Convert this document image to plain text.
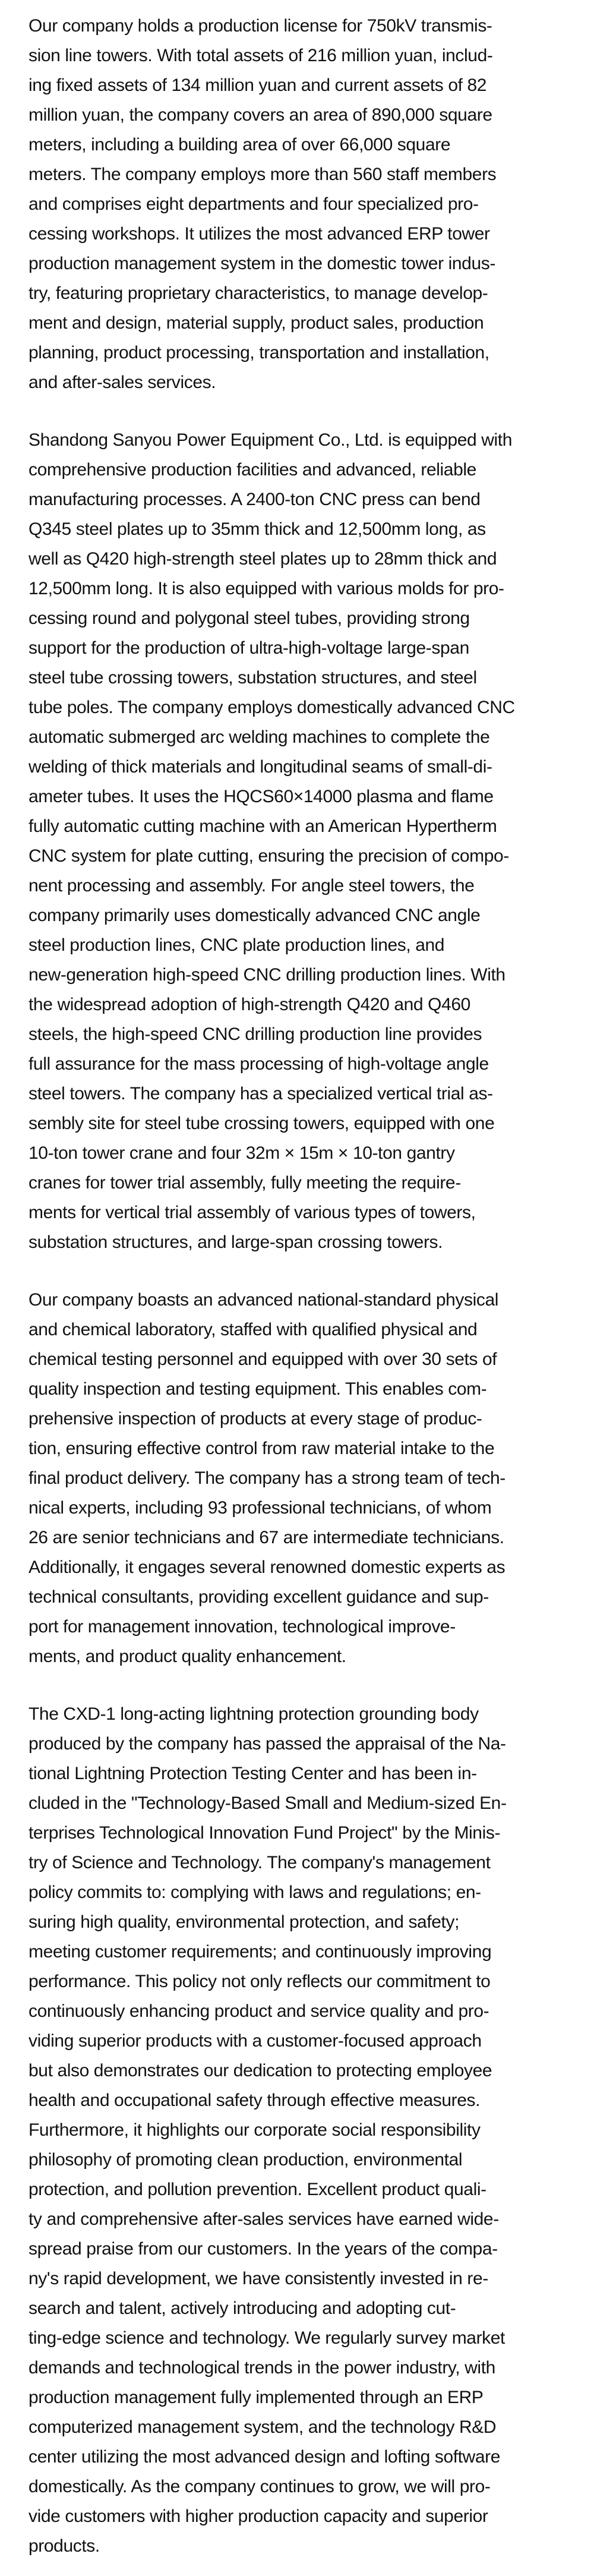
Our company holds a production license for 750kV transmis-
sion line towers. With total assets of 216 million yuan, includ-
ing fixed assets of 134 million yuan and current assets of 82
million yuan, the company covers an area of 890,000 square
meters, including a building area of over 66,000 square
meters. The company employs more than 560 staff members
and comprises eight departments and four specialized pro-
cessing workshops. It utilizes the most advanced ERP tower
production management system in the domestic tower indus-
try, featuring proprietary characteristics, to manage develop-
ment and design, material supply, product sales, production
planning, product processing, transportation and installation,
and after-sales services.

Shandong Sanyou Power Equipment Co., Ltd. is equipped with
comprehensive production facilities and advanced, reliable
manufacturing processes. A 2400-ton CNC press can bend
Q345 steel plates up to 35mm thick and 12,500mm long, as
well as Q420 high-strength steel plates up to 28mm thick and
12,500mm long. It is also equipped with various molds for pro-
cessing round and polygonal steel tubes, providing strong
support for the production of ultra-high-voltage large-span
steel tube crossing towers, substation structures, and steel
tube poles. The company employs domestically advanced CNC
automatic submerged arc welding machines to complete the
welding of thick materials and longitudinal seams of small-di-
ameter tubes. It uses the HQCS60×14000 plasma and flame
fully automatic cutting machine with an American Hypertherm
CNC system for plate cutting, ensuring the precision of compo-
nent processing and assembly. For angle steel towers, the
company primarily uses domestically advanced CNC angle
steel production lines, CNC plate production lines, and
new-generation high-speed CNC drilling production lines. With
the widespread adoption of high-strength Q420 and Q460
steels, the high-speed CNC drilling production line provides
full assurance for the mass processing of high-voltage angle
steel towers. The company has a specialized vertical trial as-
sembly site for steel tube crossing towers, equipped with one
10-ton tower crane and four 32m × 15m × 10-ton gantry
cranes for tower trial assembly, fully meeting the require-
ments for vertical trial assembly of various types of towers,
substation structures, and large-span crossing towers.

Our company boasts an advanced national-standard physical
and chemical laboratory, staffed with qualified physical and
chemical testing personnel and equipped with over 30 sets of
quality inspection and testing equipment. This enables com-
prehensive inspection of products at every stage of produc-
tion, ensuring effective control from raw material intake to the
final product delivery. The company has a strong team of tech-
nical experts, including 93 professional technicians, of whom
26 are senior technicians and 67 are intermediate technicians.
Additionally, it engages several renowned domestic experts as
technical consultants, providing excellent guidance and sup-
port for management innovation, technological improve-
ments, and product quality enhancement.

The CXD-1 long-acting lightning protection grounding body
produced by the company has passed the appraisal of the Na-
tional Lightning Protection Testing Center and has been in-
cluded in the "Technology-Based Small and Medium-sized En-
terprises Technological Innovation Fund Project" by the Minis-
try of Science and Technology. The company's management
policy commits to: complying with laws and regulations; en-
suring high quality, environmental protection, and safety;
meeting customer requirements; and continuously improving
performance. This policy not only reflects our commitment to
continuously enhancing product and service quality and pro-
viding superior products with a customer-focused approach
but also demonstrates our dedication to protecting employee
health and occupational safety through effective measures.
Furthermore, it highlights our corporate social responsibility
philosophy of promoting clean production, environmental
protection, and pollution prevention. Excellent product quali-
ty and comprehensive after-sales services have earned wide-
spread praise from our customers. In the years of the compa-
ny's rapid development, we have consistently invested in re-
search and talent, actively introducing and adopting cut-
ting-edge science and technology. We regularly survey market
demands and technological trends in the power industry, with
production management fully implemented through an ERP
computerized management system, and the technology R&D
center utilizing the most advanced design and lofting software
domestically. As the company continues to grow, we will pro-
vide customers with higher production capacity and superior
products.
